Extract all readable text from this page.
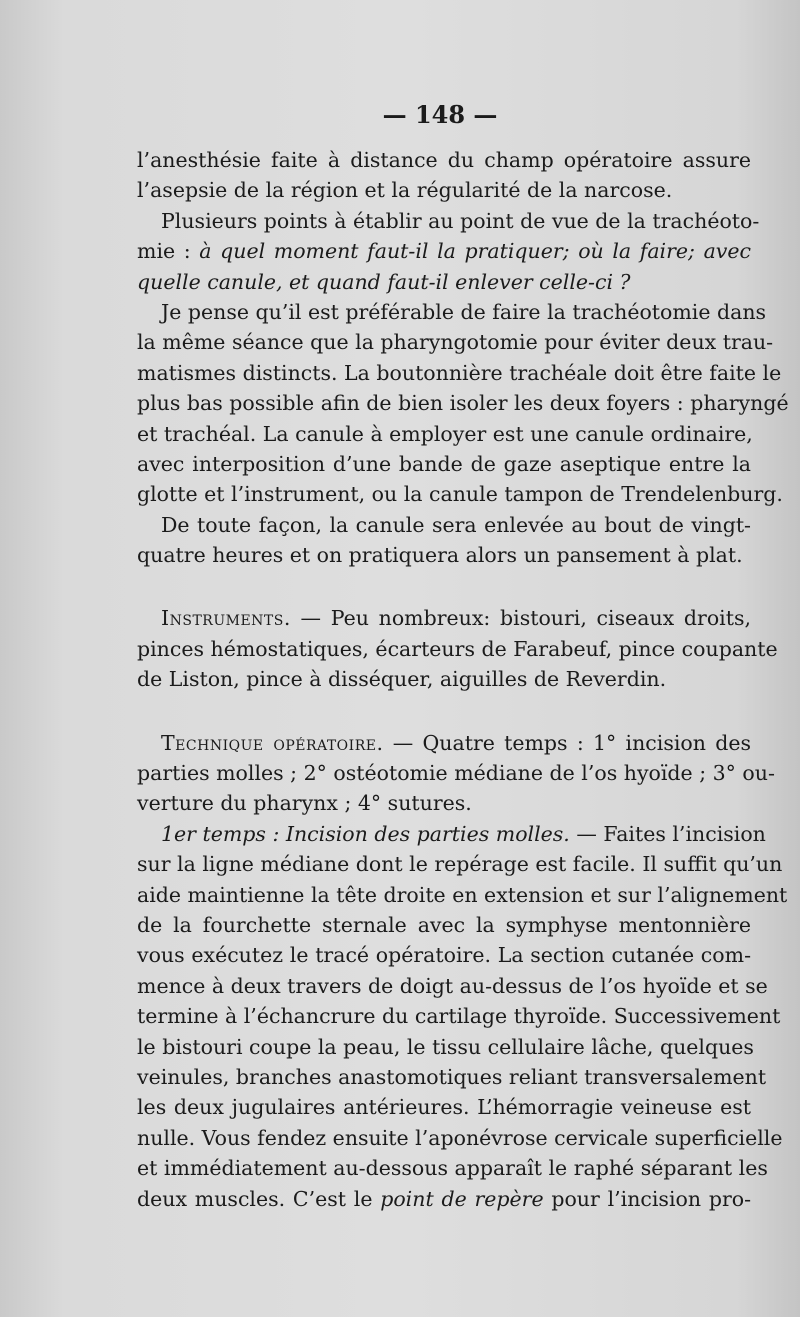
— 148 —
l’anesthésie faite à distance du champ opératoire assure
l’asepsie de la région et la régularité de la narcose.
Plusieurs points à établir au point de vue de la trachéoto-
mie : à quel moment faut-il la pratiquer; où la faire; avec
quelle canule, et quand faut-il enlever celle-ci ?
Je pense qu’il est préférable de faire la trachéotomie dans
la même séance que la pharyngotomie pour éviter deux trau-
matismes distincts. La boutonnière trachéale doit être faite le
plus bas possible afin de bien isoler les deux foyers : pharyngé
et trachéal. La canule à employer est une canule ordinaire,
avec interposition d’une bande de gaze aseptique entre la
glotte et l’instrument, ou la canule tampon de Trendelenburg.
De toute façon, la canule sera enlevée au bout de vingt-
quatre heures et on pratiquera alors un pansement à plat.
Instruments. — Peu nombreux: bistouri, ciseaux droits,
pinces hémostatiques, écarteurs de Farabeuf, pince coupante
de Liston, pince à disséquer, aiguilles de Reverdin.
Technique opératoire. — Quatre temps : 1° incision des
parties molles ; 2° ostéotomie médiane de l’os hyoïde ; 3° ou-
verture du pharynx ; 4° sutures.
1er temps : Incision des parties molles. — Faites l’incision
sur la ligne médiane dont le repérage est facile. Il suffit qu’un
aide maintienne la tête droite en extension et sur l’alignement
de la fourchette sternale avec la symphyse mentonnière
vous exécutez le tracé opératoire. La section cutanée com-
mence à deux travers de doigt au-dessus de l’os hyoïde et se
termine à l’échancrure du cartilage thyroïde. Successivement
le bistouri coupe la peau, le tissu cellulaire lâche, quelques
veinules, branches anastomotiques reliant transversalement
les deux jugulaires antérieures. L’hémorragie veineuse est
nulle. Vous fendez ensuite l’aponévrose cervicale superficielle
et immédiatement au-dessous apparaît le raphé séparant les
deux muscles. C’est le point de repère pour l’incision pro-
